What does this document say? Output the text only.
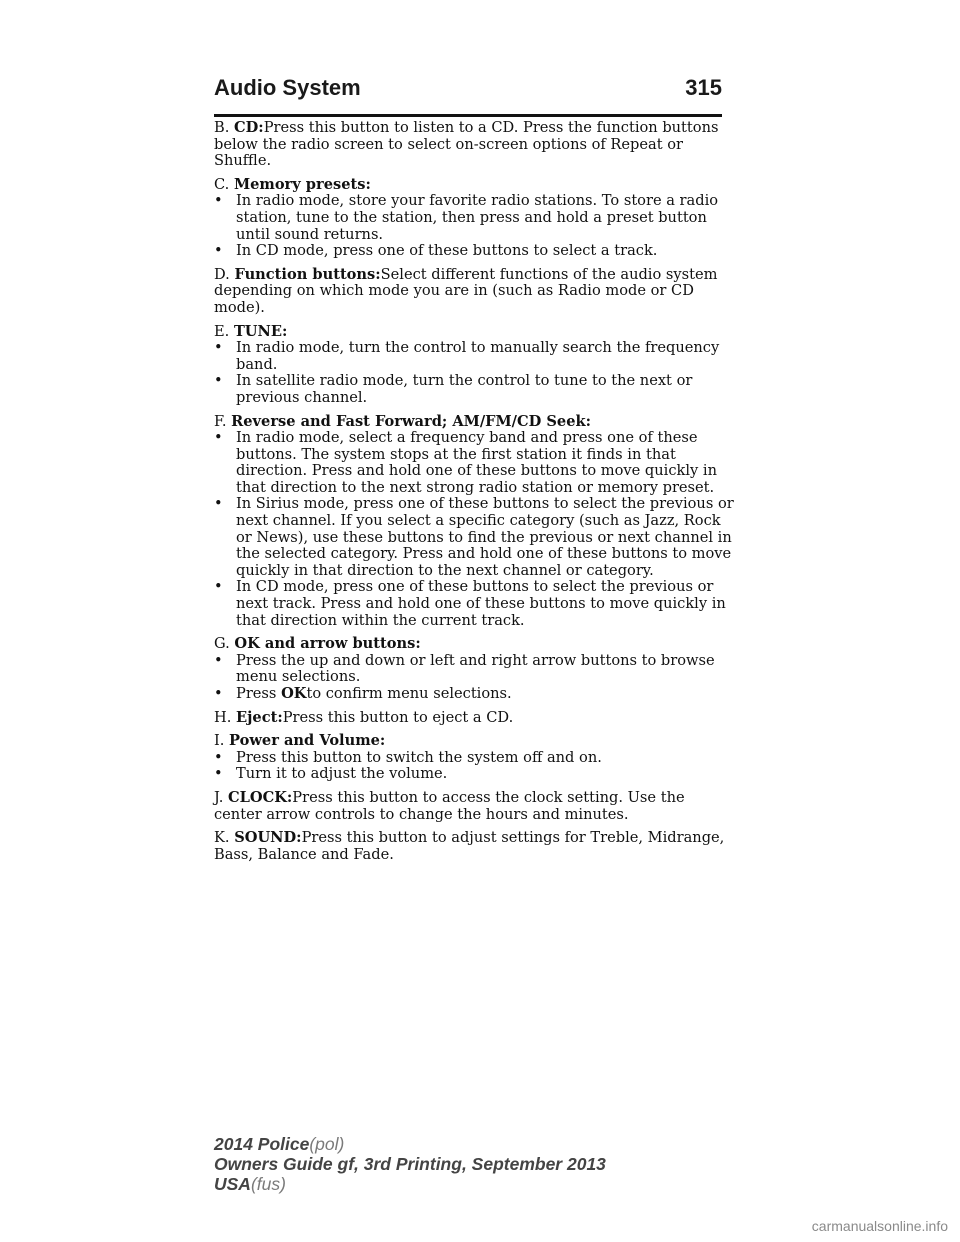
Audio System	315

B. CD:Press this button to listen to a CD. Press the function buttons below the radio screen to select on-screen options of Repeat or Shuffle.

C. Memory presets:

• In radio mode, store your favorite radio stations. To store a radio station, tune to the station, then press and hold a preset button until sound returns.
• In CD mode, press one of these buttons to select a track.

D. Function buttons:Select different functions of the audio system depending on which mode you are in (such as Radio mode or CD mode).

E. TUNE:

• In radio mode, turn the control to manually search the frequency band.
• In satellite radio mode, turn the control to tune to the next or previous channel.

F. Reverse and Fast Forward; AM/FM/CD Seek:

• In radio mode, select a frequency band and press one of these buttons. The system stops at the first station it finds in that direction. Press and hold one of these buttons to move quickly in that direction to the next strong radio station or memory preset.
• In Sirius mode, press one of these buttons to select the previous or next channel. If you select a specific category (such as Jazz, Rock or News), use these buttons to find the previous or next channel in the selected category. Press and hold one of these buttons to move quickly in that direction to the next channel or category.
• In CD mode, press one of these buttons to select the previous or next track. Press and hold one of these buttons to move quickly in that direction within the current track.

G. OK and arrow buttons:

• Press the up and down or left and right arrow buttons to browse menu selections.
• Press OKto confirm menu selections.

H. Eject:Press this button to eject a CD.

I. Power and Volume:

• Press this button to switch the system off and on.
• Turn it to adjust the volume.

J. CLOCK:Press this button to access the clock setting. Use the center arrow controls to change the hours and minutes.

K. SOUND:Press this button to adjust settings for Treble, Midrange, Bass, Balance and Fade.

2014 Police(pol)
Owners Guide gf, 3rd Printing, September 2013
USA(fus)
carmanualsonline.info
